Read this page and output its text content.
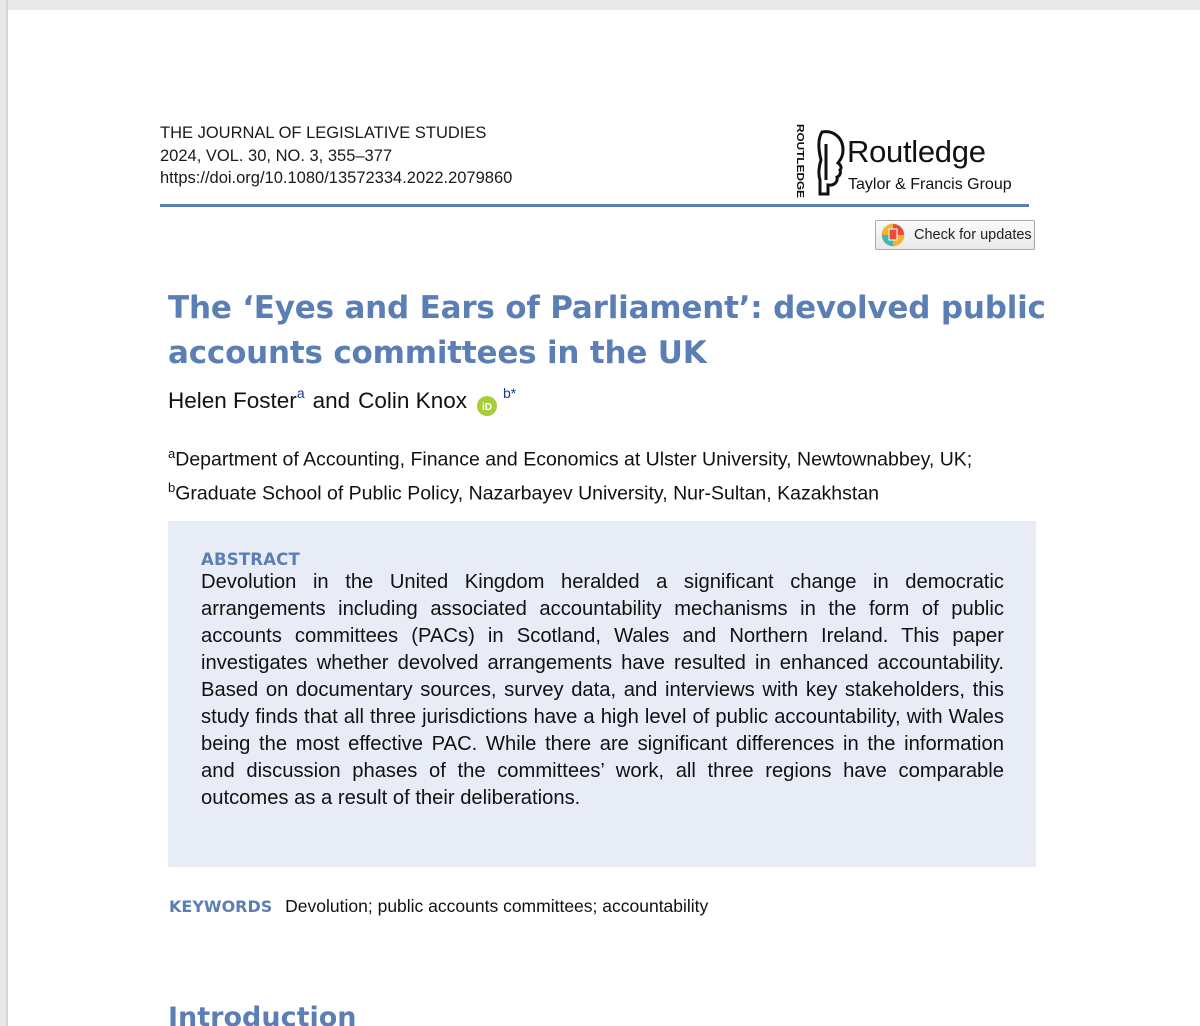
THE JOURNAL OF LEGISLATIVE STUDIES
2024, VOL. 30, NO. 3, 355–377
https://doi.org/10.1080/13572334.2022.2079860	ROUTLEDGE Routledge
Taylor & Francis Group
Check for updates
The ‘Eyes and Ears of Parliament’: devolved public accounts committees in the UK
Helen Foster$^a$ and Colin Knox iD
$^{b*}$
$^a$Department of Accounting, Finance and Economics at Ulster University, Newtownabbey, UK;
$^b$Graduate School of Public Policy, Nazarbayev University, Nur-Sultan, Kazakhstan
ABSTRACT
Devolution in the United Kingdom heralded a significant change in democratic arrangements including associated accountability mechanisms in the form of public accounts committees (PACs) in Scotland, Wales and Northern Ireland. This paper investigates whether devolved arrangements have resulted in enhanced accountability. Based on documentary sources, survey data, and interviews with key stakeholders, this study finds that all three jurisdictions have a high level of public accountability, with Wales being the most effective PAC. While there are significant differences in the information and discussion phases of the committees’ work, all three regions have comparable outcomes as a result of their deliberations.
KEYWORDS Devolution; public accounts committees; accountability
Introduction
